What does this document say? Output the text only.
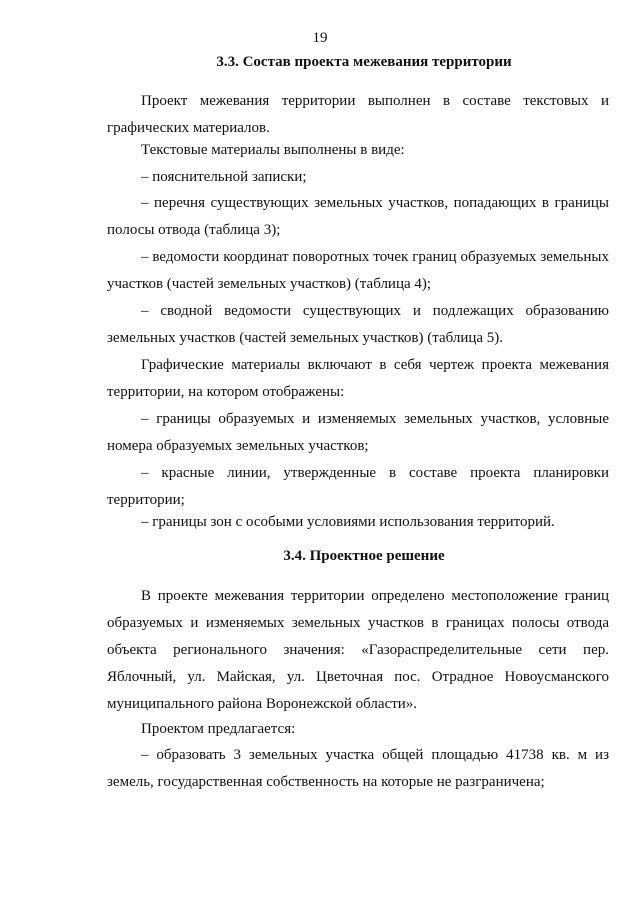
19
3.3. Состав проекта межевания территории
Проект межевания территории выполнен в составе текстовых и графических материалов.
Текстовые материалы выполнены в виде:
– пояснительной записки;
– перечня существующих земельных участков, попадающих в границы полосы отвода (таблица 3);
– ведомости координат поворотных точек границ образуемых земельных участков (частей земельных участков) (таблица 4);
– сводной ведомости существующих и подлежащих образованию земельных участков (частей земельных участков) (таблица 5).
Графические материалы включают в себя чертеж проекта межевания территории, на котором отображены:
– границы образуемых и изменяемых земельных участков, условные номера образуемых земельных участков;
– красные линии, утвержденные в составе проекта планировки территории;
– границы зон с особыми условиями использования территорий.
3.4. Проектное решение
В проекте межевания территории определено местоположение границ образуемых и изменяемых земельных участков в границах полосы отвода объекта регионального значения: «Газораспределительные сети пер. Яблочный, ул. Майская, ул. Цветочная пос. Отрадное Новоусманского муниципального района Воронежской области».
Проектом предлагается:
– образовать 3 земельных участка общей площадью 41738 кв. м из земель, государственная собственность на которые не разграничена;
